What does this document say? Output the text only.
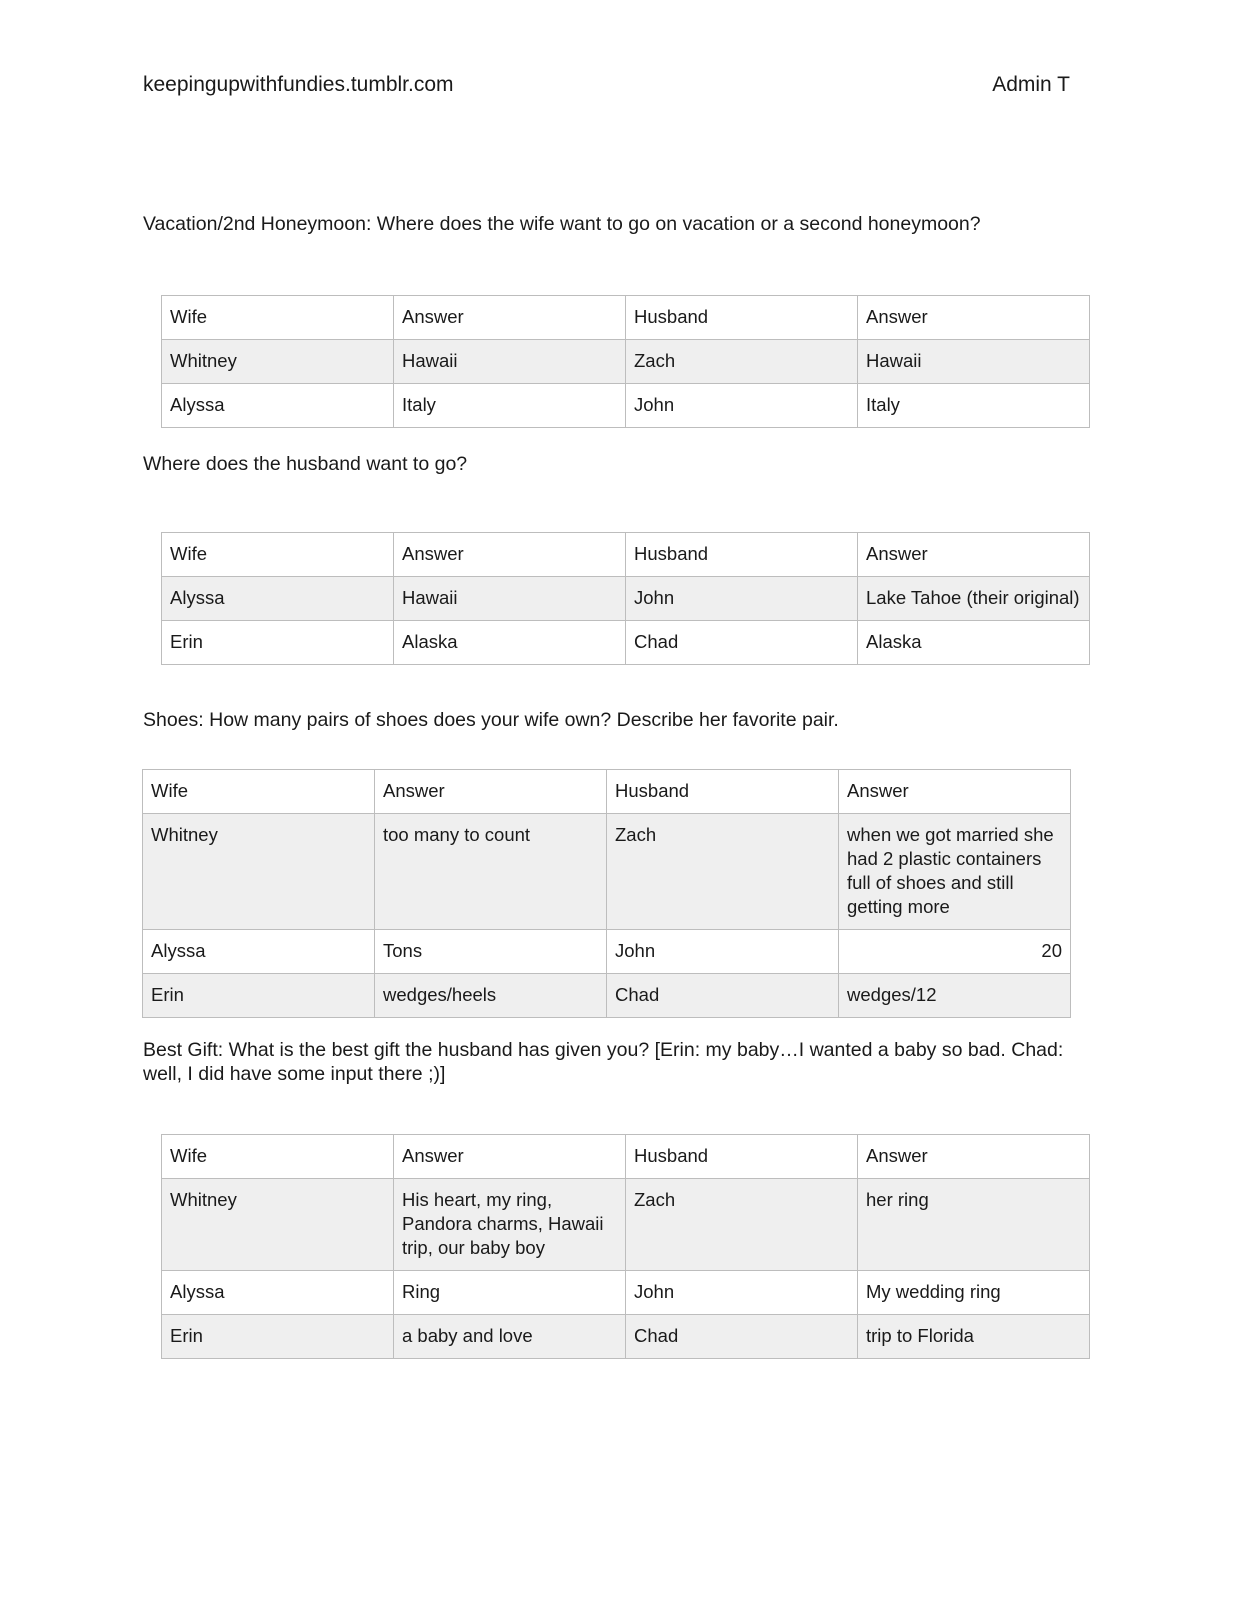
keepingupwithfundies.tumblr.com	Admin T
Vacation/2nd Honeymoon: Where does the wife want to go on vacation or a second honeymoon?
Wife	Answer	Husband	Answer
Whitney	Hawaii	Zach	Hawaii
Alyssa	Italy	John	Italy
Where does the husband want to go?
Wife	Answer	Husband	Answer
Alyssa	Hawaii	John	Lake Tahoe (their original)
Erin	Alaska	Chad	Alaska
Shoes: How many pairs of shoes does your wife own? Describe her favorite pair.
Wife	Answer	Husband	Answer
Whitney	too many to count	Zach	when we got married she had 2 plastic containers full of shoes and still getting more
Alyssa	Tons	John	20
Erin	wedges/heels	Chad	wedges/12
Best Gift: What is the best gift the husband has given you? [Erin: my baby…I wanted a baby so bad. Chad: well, I did have some input there ;)]
Wife	Answer	Husband	Answer
Whitney	His heart, my ring, Pandora charms, Hawaii trip, our baby boy	Zach	her ring
Alyssa	Ring	John	My wedding ring
Erin	a baby and love	Chad	trip to Florida
